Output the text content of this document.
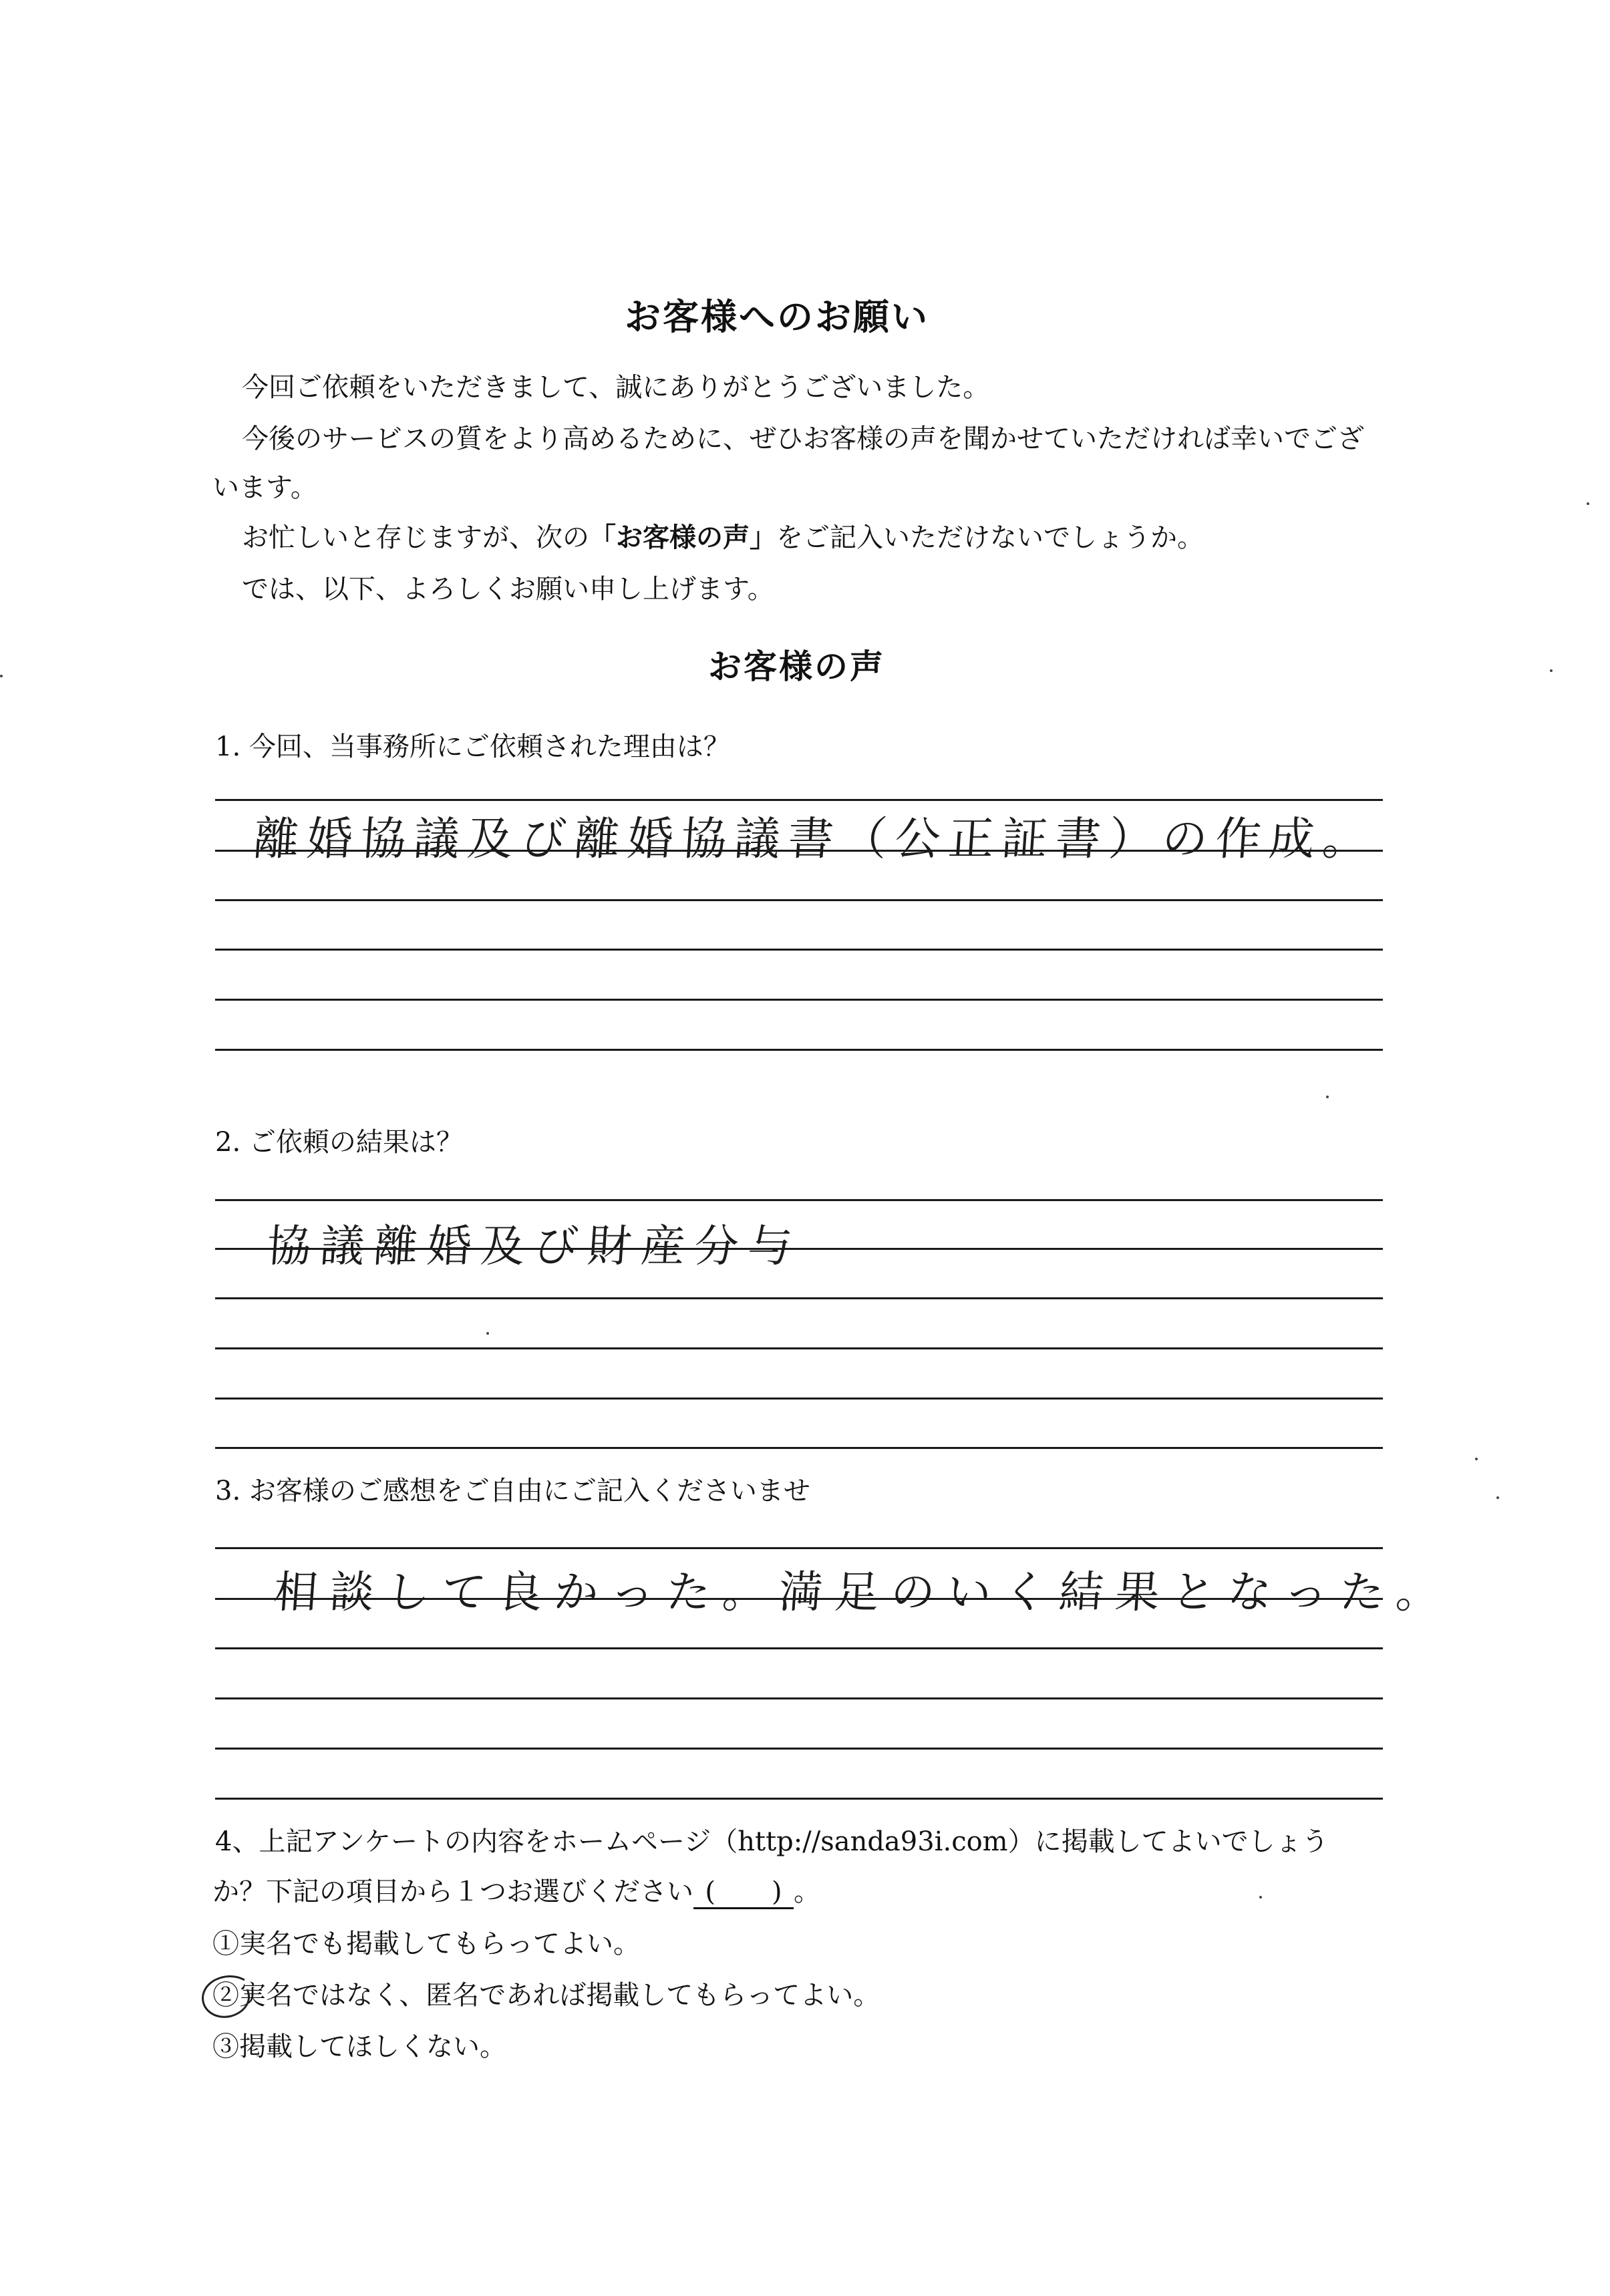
お客様へのお願い
今回ご依頼をいただきまして、誠にありがとうございました。
今後のサービスの質をより高めるために、ぜひお客様の声を聞かせていただければ幸いでござ
います。
お忙しいと存じますが、次の「お客様の声」をご記入いただけないでしょうか。
では、以下、よろしくお願い申し上げます。
お客様の声
1. 今回、当事務所にご依頼された理由は？
離婚協議及び離婚協議書（公正証書）の作成。
2. ご依頼の結果は？
協議離婚及び財産分与
3. お客様のご感想をご自由にご記入くださいませ
相談して良かった。満足のいく結果となった。
4、上記アンケートの内容をホームページ（http://sanda93i.com）に掲載してよいでしょう
か？下記の項目から１つお選びください ( ) 。
①実名でも掲載してもらってよい。
②実名ではなく、匿名であれば掲載してもらってよい。
③掲載してほしくない。
